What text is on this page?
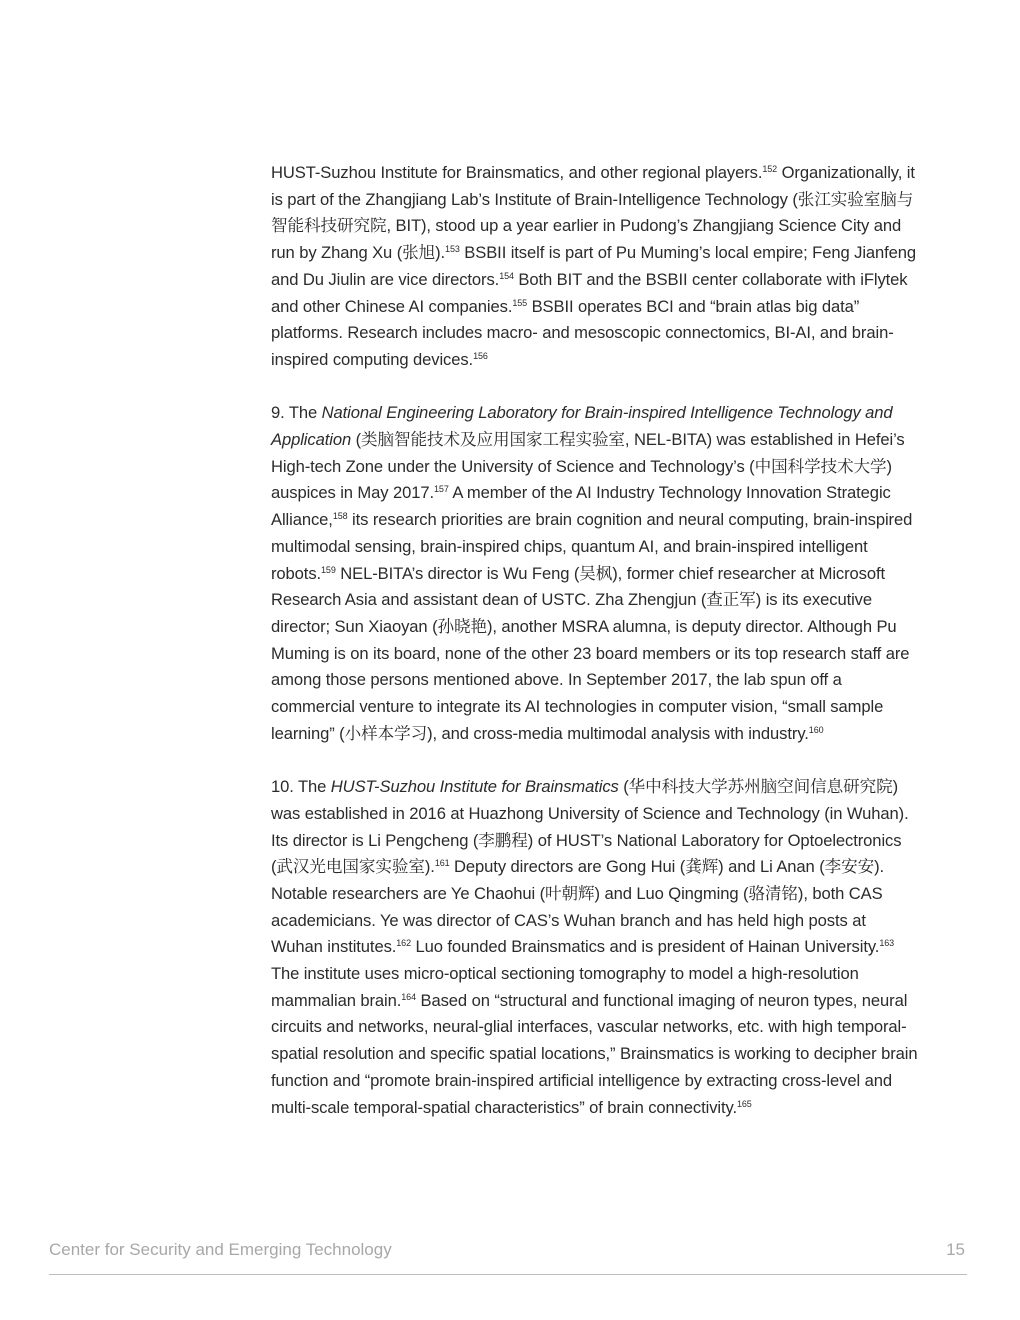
HUST-Suzhou Institute for Brainsmatics, and other regional players.$^{152}$ Organizationally, it is part of the Zhangjiang Lab’s Institute of Brain-Intelligence Technology (张江实验室脑与智能科技研究院, BIT), stood up a year earlier in Pudong’s Zhangjiang Science City and run by Zhang Xu (张旭).$^{153}$ BSBII itself is part of Pu Muming’s local empire; Feng Jianfeng and Du Jiulin are vice directors.$^{154}$ Both BIT and the BSBII center collaborate with iFlytek and other Chinese AI companies.$^{155}$ BSBII operates BCI and “brain atlas big data” platforms. Research includes macro- and mesoscopic connectomics, BI-AI, and brain-inspired computing devices.$^{156}$

9. The National Engineering Laboratory for Brain-inspired Intelligence Technology and Application (类脑智能技术及应用国家工程实验室, NEL-BITA) was established in Hefei’s High-tech Zone under the University of Science and Technology’s (中国科学技术大学) auspices in May 2017.$^{157}$ A member of the AI Industry Technology Innovation Strategic Alliance,$^{158}$ its research priorities are brain cognition and neural computing, brain-inspired multimodal sensing, brain-inspired chips, quantum AI, and brain-inspired intelligent robots.$^{159}$ NEL-BITA’s director is Wu Feng (吴枫), former chief researcher at Microsoft Research Asia and assistant dean of USTC. Zha Zhengjun (查正军) is its executive director; Sun Xiaoyan (孙晓艳), another MSRA alumna, is deputy director. Although Pu Muming is on its board, none of the other 23 board members or its top research staff are among those persons mentioned above. In September 2017, the lab spun off a commercial venture to integrate its AI technologies in computer vision, “small sample learning” (小样本学习), and cross-media multimodal analysis with industry.$^{160}$

10. The HUST-Suzhou Institute for Brainsmatics (华中科技大学苏州脑空间信息研究院) was established in 2016 at Huazhong University of Science and Technology (in Wuhan). Its director is Li Pengcheng (李鹏程) of HUST’s National Laboratory for Optoelectronics (武汉光电国家实验室).$^{161}$ Deputy directors are Gong Hui (龚辉) and Li Anan (李安安). Notable researchers are Ye Chaohui (叶朝辉) and Luo Qingming (骆清铭), both CAS academicians. Ye was director of CAS’s Wuhan branch and has held high posts at Wuhan institutes.$^{162}$ Luo founded Brainsmatics and is president of Hainan University.$^{163}$ The institute uses micro-optical sectioning tomography to model a high-resolution mammalian brain.$^{164}$ Based on “structural and functional imaging of neuron types, neural circuits and networks, neural-glial interfaces, vascular networks, etc. with high temporal-spatial resolution and specific spatial locations,” Brainsmatics is working to decipher brain function and “promote brain-inspired artificial intelligence by extracting cross-level and multi-scale temporal-spatial characteristics” of brain connectivity.$^{165}$

Center for Security and Emerging Technology	15
